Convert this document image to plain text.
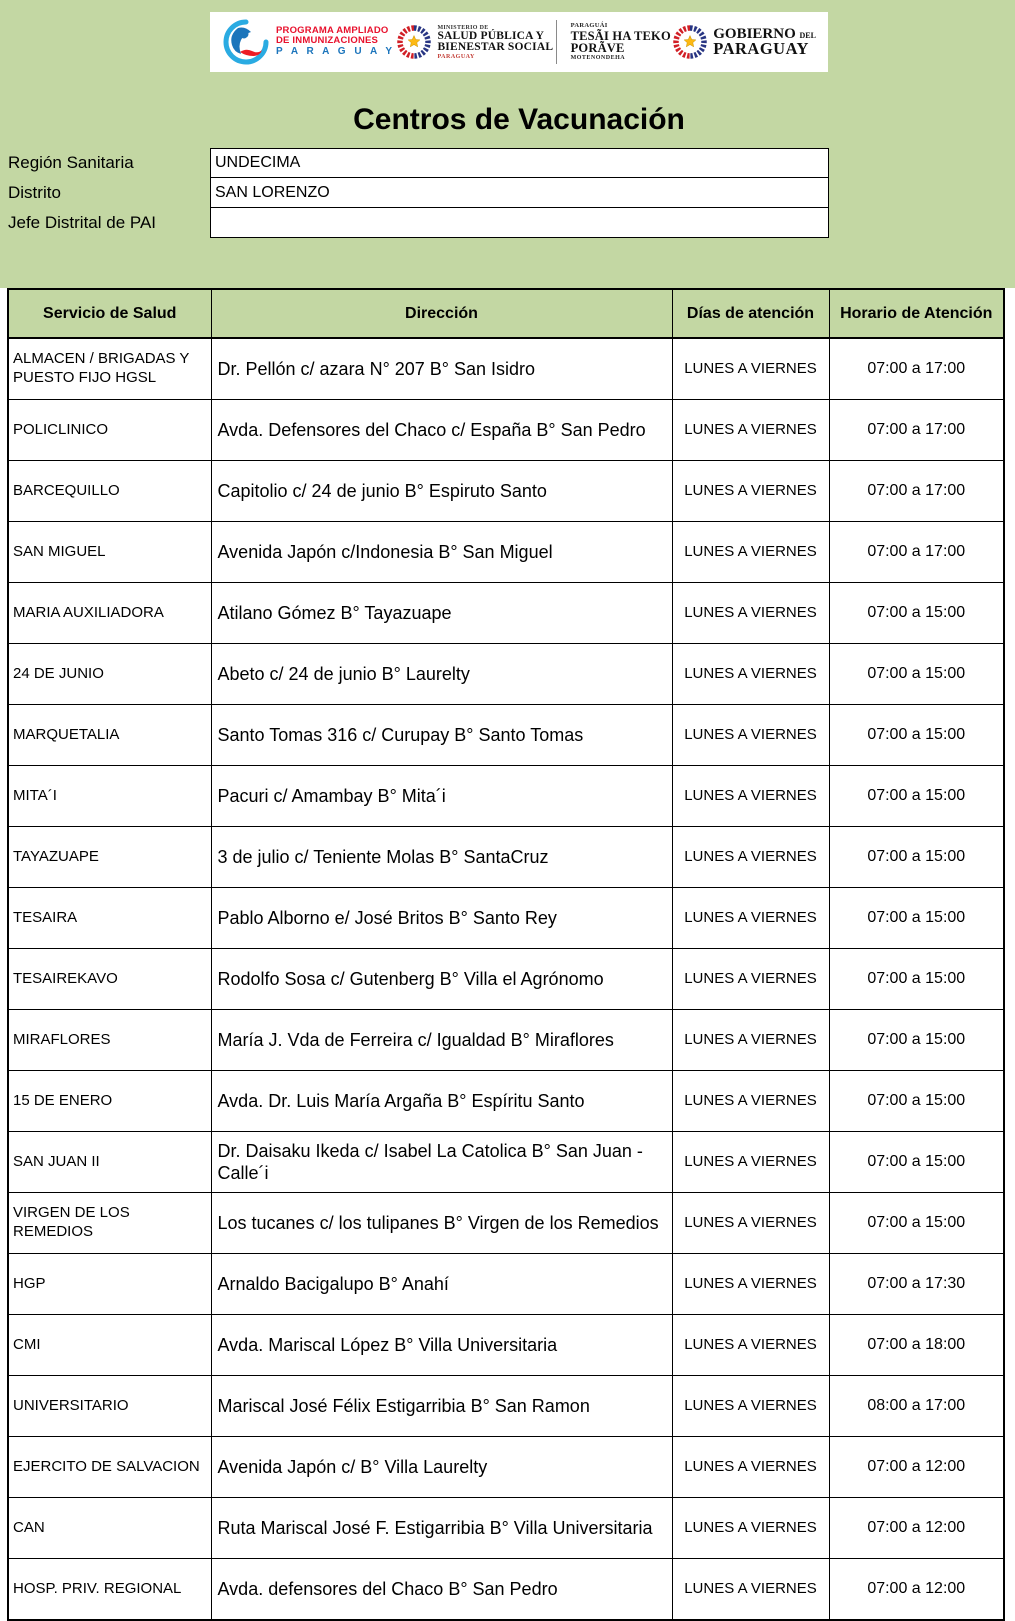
PROGRAMA AMPLIADO
DE INMUNIZACIONES
P A R A G U A Y
MINISTERIO DE
SALUD PÚBLICA Y
BIENESTAR SOCIAL
PARAGUAY
PARAGUÁI
TESÃI HA TEKO
PORÃVE
MOTENONDEHA
GOBIERNO DEL
PARAGUAY
Centros de Vacunación
Región Sanitaria	UNDECIMA
Distrito	SAN LORENZO
Jefe Distrital de PAI
Servicio de Salud	Dirección	Días de atención	Horario de Atención
ALMACEN / BRIGADAS Y
PUESTO FIJO HGSL	Dr. Pellón c/ azara N° 207 B° San Isidro	LUNES A VIERNES	07:00 a 17:00
POLICLINICO	Avda. Defensores del Chaco c/ España B° San Pedro	LUNES A VIERNES	07:00 a 17:00
BARCEQUILLO	Capitolio c/ 24 de junio B° Espiruto Santo	LUNES A VIERNES	07:00 a 17:00
SAN MIGUEL	Avenida Japón c/Indonesia B° San Miguel	LUNES A VIERNES	07:00 a 17:00
MARIA AUXILIADORA	Atilano Gómez B° Tayazuape	LUNES A VIERNES	07:00 a 15:00
24 DE JUNIO	Abeto c/ 24 de junio B° Laurelty	LUNES A VIERNES	07:00 a 15:00
MARQUETALIA	Santo Tomas 316 c/ Curupay B° Santo Tomas	LUNES A VIERNES	07:00 a 15:00
MITA´I	Pacuri c/ Amambay B° Mita´i	LUNES A VIERNES	07:00 a 15:00
TAYAZUAPE	3 de julio c/ Teniente Molas B° SantaCruz	LUNES A VIERNES	07:00 a 15:00
TESAIRA	Pablo Alborno e/ José Britos B° Santo Rey	LUNES A VIERNES	07:00 a 15:00
TESAIREKAVO	Rodolfo Sosa c/ Gutenberg B° Villa el Agrónomo	LUNES A VIERNES	07:00 a 15:00
MIRAFLORES	María J. Vda de Ferreira c/ Igualdad B° Miraflores	LUNES A VIERNES	07:00 a 15:00
15 DE ENERO	Avda. Dr. Luis María Argaña B° Espíritu Santo	LUNES A VIERNES	07:00 a 15:00
SAN JUAN II	Dr. Daisaku Ikeda c/ Isabel La Catolica B° San Juan - Calle´i	LUNES A VIERNES	07:00 a 15:00
VIRGEN DE LOS
REMEDIOS	Los tucanes c/ los tulipanes B° Virgen de los Remedios	LUNES A VIERNES	07:00 a 15:00
HGP	Arnaldo Bacigalupo B° Anahí	LUNES A VIERNES	07:00 a 17:30
CMI	Avda. Mariscal López B° Villa Universitaria	LUNES A VIERNES	07:00 a 18:00
UNIVERSITARIO	Mariscal José Félix Estigarribia B° San Ramon	LUNES A VIERNES	08:00 a 17:00
EJERCITO DE SALVACION	Avenida Japón c/ B° Villa Laurelty	LUNES A VIERNES	07:00 a 12:00
CAN	Ruta Mariscal José F. Estigarribia B° Villa Universitaria	LUNES A VIERNES	07:00 a 12:00
HOSP. PRIV. REGIONAL	Avda. defensores del Chaco B° San Pedro	LUNES A VIERNES	07:00 a 12:00
